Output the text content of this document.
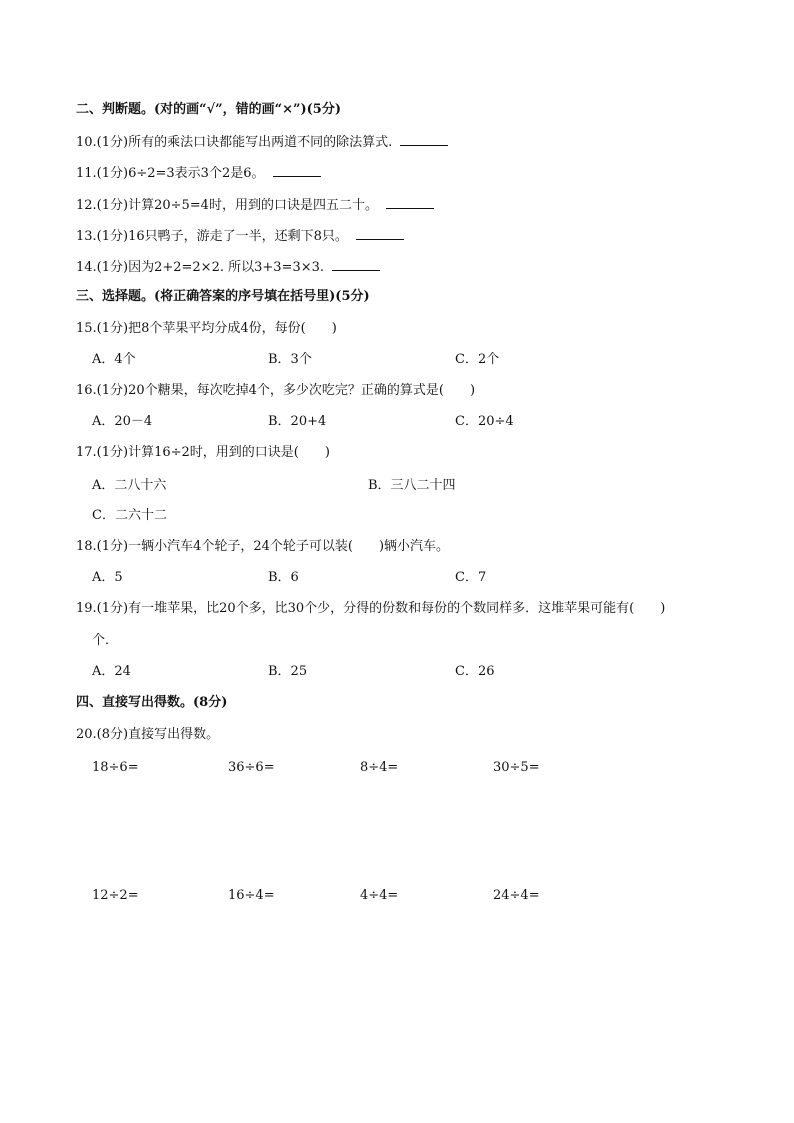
二、判断题。(对的画“√”，错的画“×”)(5分)
10.(1分)所有的乘法口诀都能写出两道不同的除法算式.
11.(1分)6÷2=3表示3个2是6。
12.(1分)计算20÷5=4时，用到的口诀是四五二十。
13.(1分)16只鸭子，游走了一半，还剩下8只。
14.(1分)因为2+2=2×2. 所以3+3=3×3.
三、选择题。(将正确答案的序号填在括号里)(5分)
15.(1分)把8个苹果平均分成4份，每份(　　)
A．4个	B．3个	C．2个
16.(1分)20个糖果，每次吃掉4个，多少次吃完？正确的算式是(　　)
A．20－4	B．20+4	C．20÷4
17.(1分)计算16÷2时，用到的口诀是(　　)
A．二八十六	B．三八二十四
C．二六十二
18.(1分)一辆小汽车4个轮子，24个轮子可以装(　　)辆小汽车。
A．5	B．6	C．7
19.(1分)有一堆苹果，比20个多，比30个少，分得的份数和每份的个数同样多．这堆苹果可能有(　　)
个．
A．24	B．25	C．26
四、直接写出得数。(8分)
20.(8分)直接写出得数。
18÷6=	36÷6=	8÷4=	30÷5=
12÷2=	16÷4=	4÷4=	24÷4=
